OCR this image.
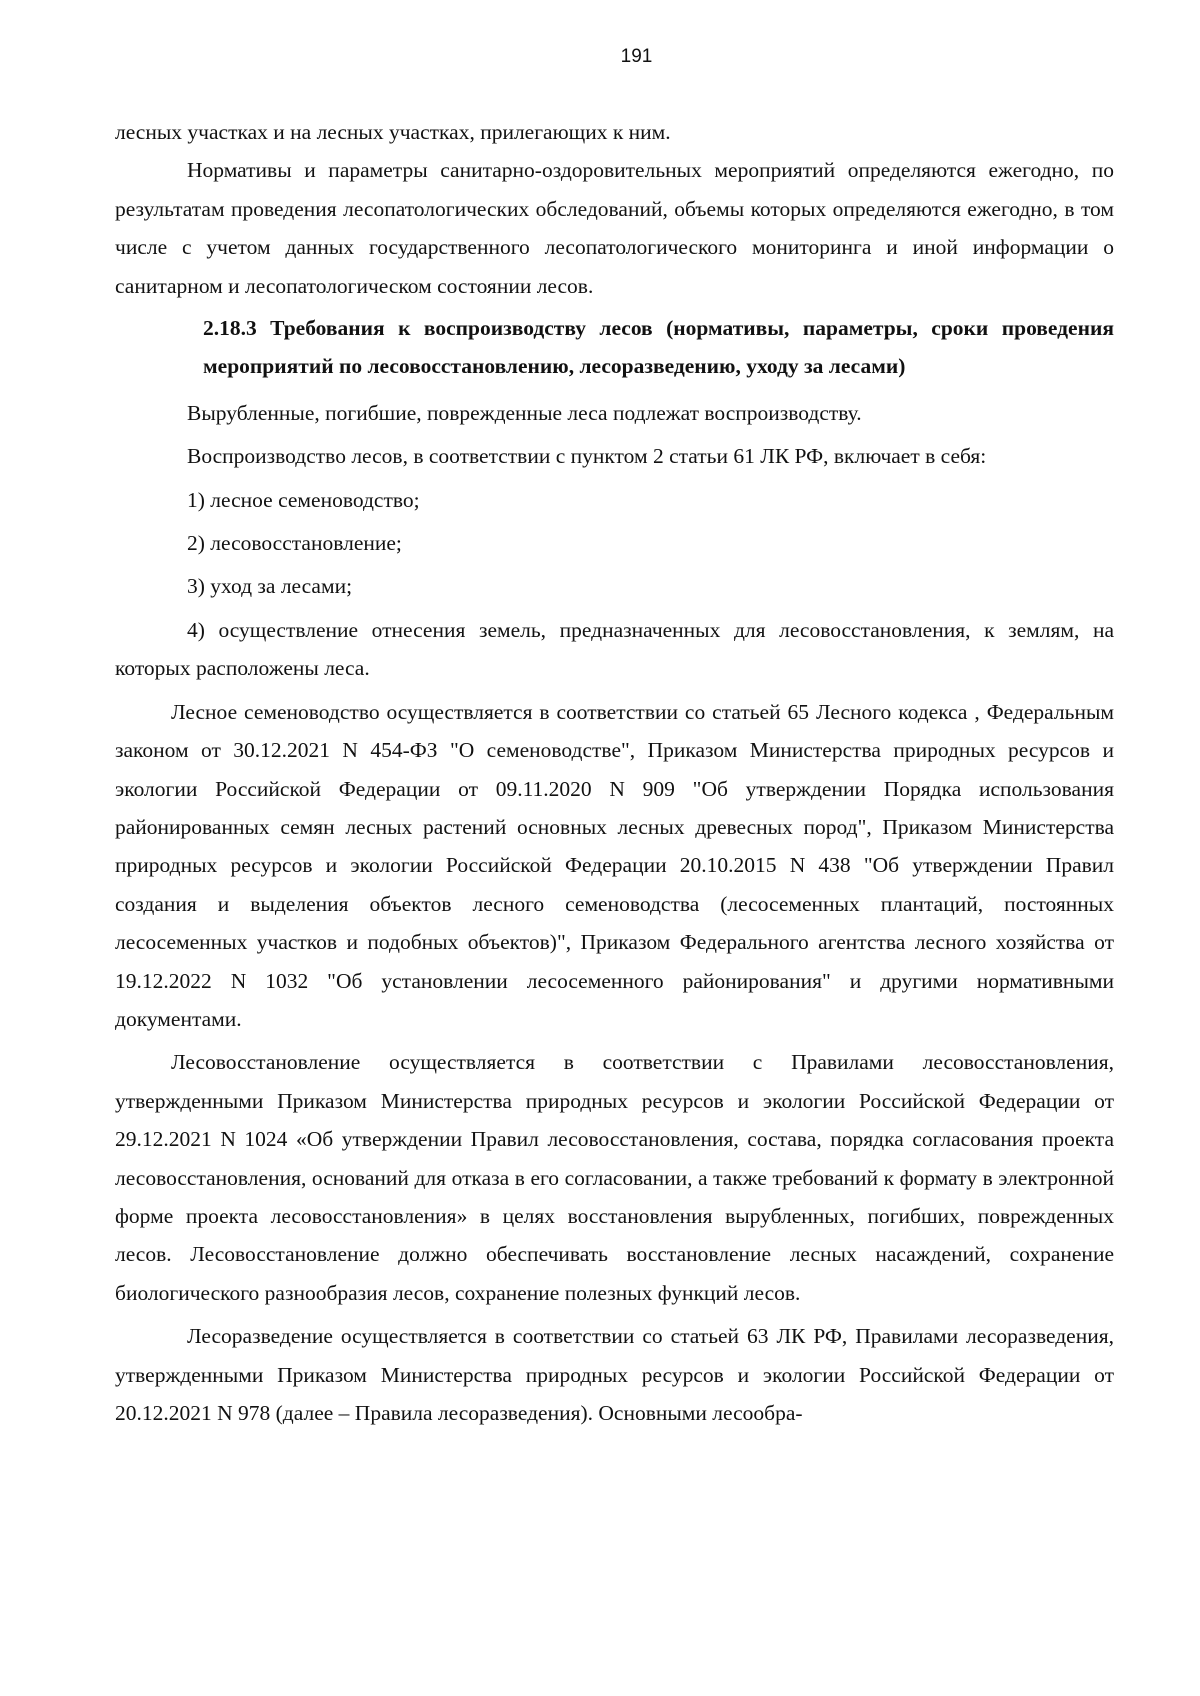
191

лесных участках и на лесных участках, прилегающих к ним.

Нормативы и параметры санитарно-оздоровительных мероприятий определяются ежегодно, по результатам проведения лесопатологических обследований, объемы которых определяются ежегодно, в том числе с учетом данных государственного лесопатологического мониторинга и иной информации о санитарном и лесопатологическом состоянии лесов.

2.18.3 Требования к воспроизводству лесов (нормативы, параметры, сроки проведения мероприятий по лесовосстановлению, лесоразведению, уходу за лесами)

Вырубленные, погибшие, поврежденные леса подлежат воспроизводству.

Воспроизводство лесов, в соответствии с пунктом 2 статьи 61 ЛК РФ, включает в себя:

1) лесное семеноводство;

2) лесовосстановление;

3) уход за лесами;

4) осуществление отнесения земель, предназначенных для лесовосстановления, к землям, на которых расположены леса.

Лесное семеноводство осуществляется в соответствии со статьей 65 Лесного кодекса , Федеральным законом от 30.12.2021 N 454-ФЗ "О семеноводстве", Приказом Министерства природных ресурсов и экологии Российской Федерации от 09.11.2020 N 909 "Об утверждении Порядка использования районированных семян лесных растений основных лесных древесных пород", Приказом Министерства природных ресурсов и экологии Российской Федерации 20.10.2015 N 438 "Об утверждении Правил создания и выделения объектов лесного семеноводства (лесосеменных плантаций, постоянных лесосеменных участков и подобных объектов)", Приказом Федерального агентства лесного хозяйства от 19.12.2022 N 1032 "Об установлении лесосеменного районирования" и другими нормативными документами.

Лесовосстановление осуществляется в соответствии с Правилами лесовосстановления, утвержденными Приказом Министерства природных ресурсов и экологии Российской Федерации от 29.12.2021 N 1024 «Об утверждении Правил лесовосстановления, состава, порядка согласования проекта лесовосстановления, оснований для отказа в его согласовании, а также требований к формату в электронной форме проекта лесовосстановления» в целях восстановления вырубленных, погибших, поврежденных лесов. Лесовосстановление должно обеспечивать восстановление лесных насаждений, сохранение биологического разнообразия лесов, сохранение полезных функций лесов.

Лесоразведение осуществляется в соответствии со статьей 63 ЛК РФ, Правилами лесоразведения, утвержденными Приказом Министерства природных ресурсов и экологии Российской Федерации от 20.12.2021 N 978 (далее – Правила лесоразведения). Основными лесообра-
